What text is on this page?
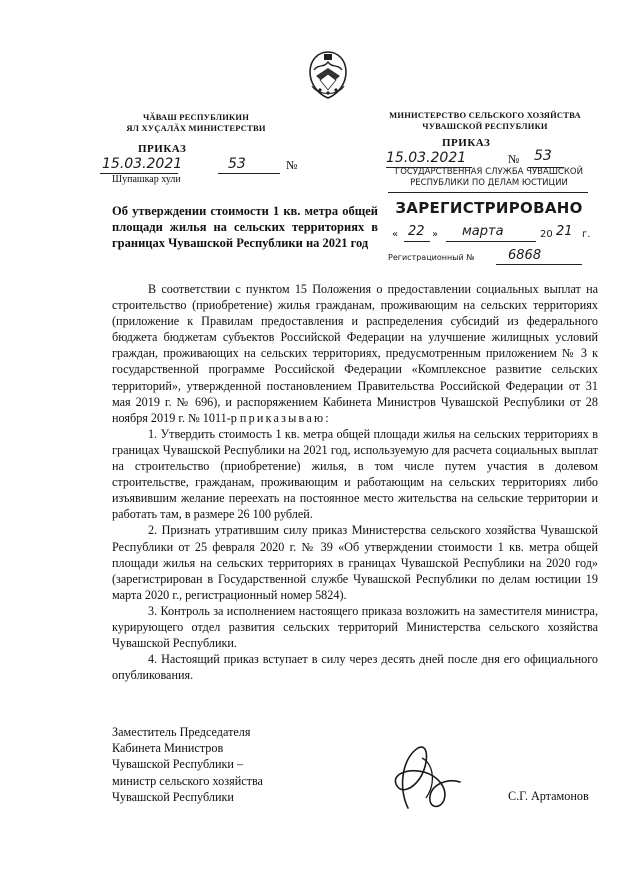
ЧӐВАШ РЕСПУБЛИКИН
ЯЛ ХУҪАЛӐХ МИНИСТЕРСТВИ
МИНИСТЕРСТВО СЕЛЬСКОГО ХОЗЯЙСТВА
ЧУВАШСКОЙ РЕСПУБЛИКИ
ПРИКАЗ	ПРИКАЗ
15.03.2021	53	№
Шупашкар хули
15.03.2021	№ 53
ГОСУДАРСТВЕННАЯ СЛУЖБА ЧУВАШСКОЙ
РЕСПУБЛИКИ ПО ДЕЛАМ ЮСТИЦИИ
ЗАРЕГИСТРИРОВАНО
« 22 » марта	20 21 г.
Регистрационный №	6868
Об утверждении стоимости 1 кв. метра общей площади жилья на сельских территориях в границах Чувашской Республики на 2021 год

В соответствии с пунктом 15 Положения о предоставлении социальных выплат на строительство (приобретение) жилья гражданам, проживающим на сельских территориях (приложение к Правилам предоставления и распределения субсидий из федерального бюджета бюджетам субъектов Российской Федерации на улучшение жилищных условий граждан, проживающих на сельских территориях, предусмотренным приложением № 3 к государственной программе Российской Федерации «Комплексное развитие сельских территорий», утвержденной постановлением Правительства Российской Федерации от 31 мая 2019 г. № 696), и распоряжением Кабинета Министров Чувашской Республики от 28 ноября 2019 г. № 1011-р приказываю:

1. Утвердить стоимость 1 кв. метра общей площади жилья на сельских территориях в границах Чувашской Республики на 2021 год, используемую для расчета социальных выплат на строительство (приобретение) жилья, в том числе путем участия в долевом строительстве, гражданам, проживающим и работающим на сельских территориях либо изъявившим желание переехать на постоянное место жительства на сельские территории и работать там, в размере 26 100 рублей.

2. Признать утратившим силу приказ Министерства сельского хозяйства Чувашской Республики от 25 февраля 2020 г. № 39 «Об утверждении стоимости 1 кв. метра общей площади жилья на сельских территориях в границах Чувашской Республики на 2020 год» (зарегистрирован в Государственной службе Чувашской Республики по делам юстиции 19 марта 2020 г., регистрационный номер 5824).

3. Контроль за исполнением настоящего приказа возложить на заместителя министра, курирующего отдел развития сельских территорий Министерства сельского хозяйства Чувашской Республики.

4. Настоящий приказ вступает в силу через десять дней после дня его официального опубликования.

Заместитель Председателя
Кабинета Министров
Чувашской Республики –
министр сельского хозяйства
Чувашской Республики	С.Г. Артамонов
